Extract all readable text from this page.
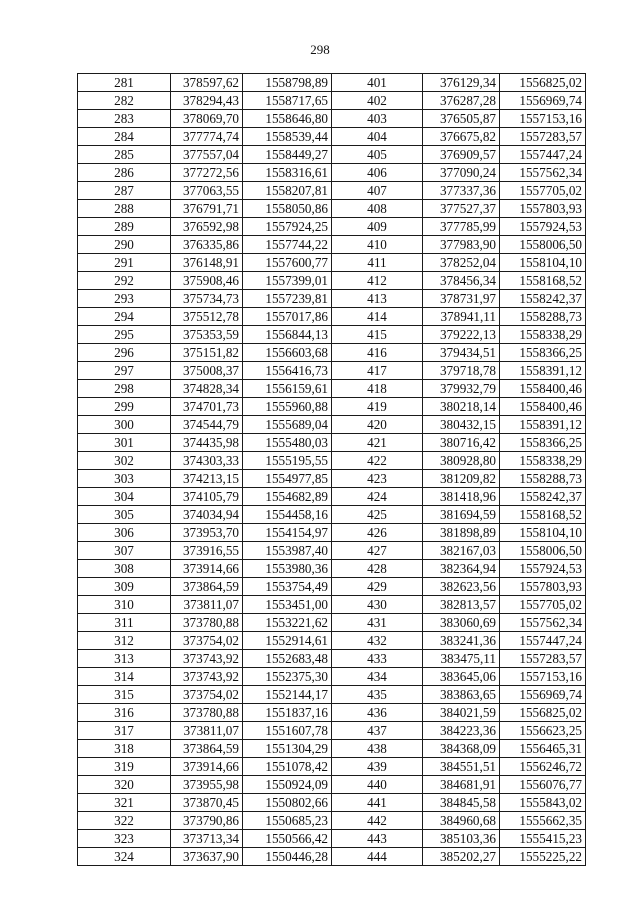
298
281	378597,62	1558798,89	401	376129,34	1556825,02
282	378294,43	1558717,65	402	376287,28	1556969,74
283	378069,70	1558646,80	403	376505,87	1557153,16
284	377774,74	1558539,44	404	376675,82	1557283,57
285	377557,04	1558449,27	405	376909,57	1557447,24
286	377272,56	1558316,61	406	377090,24	1557562,34
287	377063,55	1558207,81	407	377337,36	1557705,02
288	376791,71	1558050,86	408	377527,37	1557803,93
289	376592,98	1557924,25	409	377785,99	1557924,53
290	376335,86	1557744,22	410	377983,90	1558006,50
291	376148,91	1557600,77	411	378252,04	1558104,10
292	375908,46	1557399,01	412	378456,34	1558168,52
293	375734,73	1557239,81	413	378731,97	1558242,37
294	375512,78	1557017,86	414	378941,11	1558288,73
295	375353,59	1556844,13	415	379222,13	1558338,29
296	375151,82	1556603,68	416	379434,51	1558366,25
297	375008,37	1556416,73	417	379718,78	1558391,12
298	374828,34	1556159,61	418	379932,79	1558400,46
299	374701,73	1555960,88	419	380218,14	1558400,46
300	374544,79	1555689,04	420	380432,15	1558391,12
301	374435,98	1555480,03	421	380716,42	1558366,25
302	374303,33	1555195,55	422	380928,80	1558338,29
303	374213,15	1554977,85	423	381209,82	1558288,73
304	374105,79	1554682,89	424	381418,96	1558242,37
305	374034,94	1554458,16	425	381694,59	1558168,52
306	373953,70	1554154,97	426	381898,89	1558104,10
307	373916,55	1553987,40	427	382167,03	1558006,50
308	373914,66	1553980,36	428	382364,94	1557924,53
309	373864,59	1553754,49	429	382623,56	1557803,93
310	373811,07	1553451,00	430	382813,57	1557705,02
311	373780,88	1553221,62	431	383060,69	1557562,34
312	373754,02	1552914,61	432	383241,36	1557447,24
313	373743,92	1552683,48	433	383475,11	1557283,57
314	373743,92	1552375,30	434	383645,06	1557153,16
315	373754,02	1552144,17	435	383863,65	1556969,74
316	373780,88	1551837,16	436	384021,59	1556825,02
317	373811,07	1551607,78	437	384223,36	1556623,25
318	373864,59	1551304,29	438	384368,09	1556465,31
319	373914,66	1551078,42	439	384551,51	1556246,72
320	373955,98	1550924,09	440	384681,91	1556076,77
321	373870,45	1550802,66	441	384845,58	1555843,02
322	373790,86	1550685,23	442	384960,68	1555662,35
323	373713,34	1550566,42	443	385103,36	1555415,23
324	373637,90	1550446,28	444	385202,27	1555225,22
